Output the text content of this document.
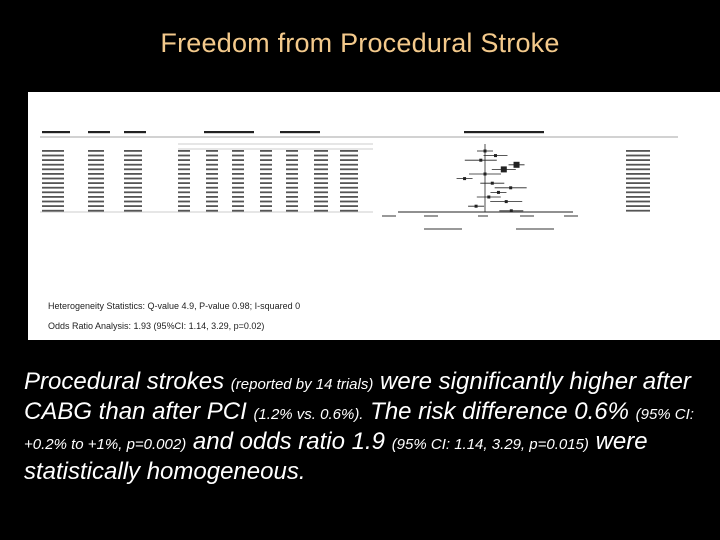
Freedom from Procedural Stroke
Heterogeneity Statistics: Q-value 4.9, P-value 0.98; I-squared 0
Odds Ratio Analysis: 1.93 (95%CI: 1.14, 3.29, p=0.02)
Procedural strokes (reported by 14 trials) were significantly higher after CABG than after PCI (1.2% vs. 0.6%). The risk difference 0.6% (95% CI: +0.2% to +1%, p=0.002) and odds ratio 1.9 (95% CI: 1.14, 3.29, p=0.015) were statistically homogeneous.
